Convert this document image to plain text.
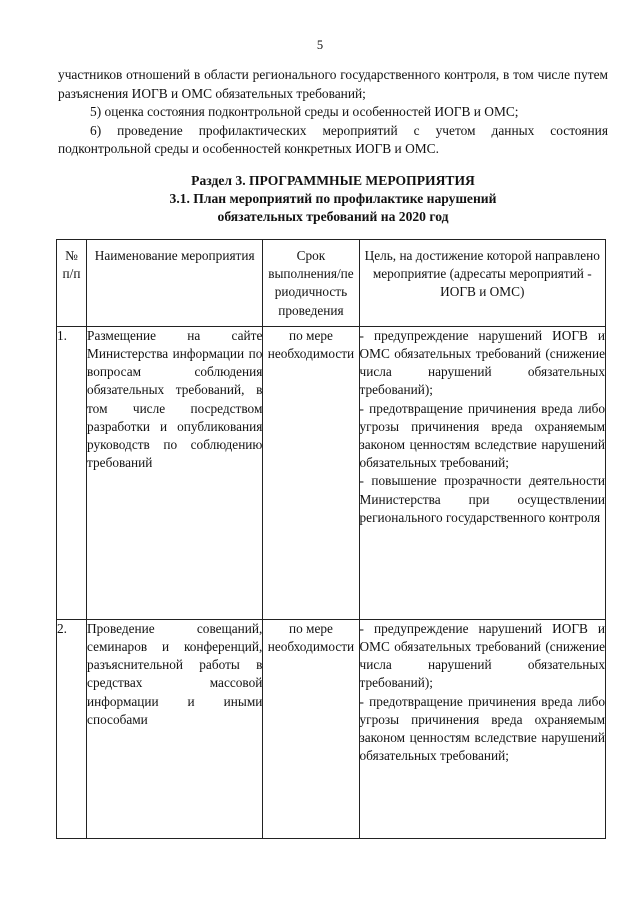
5

участников отношений в области регионального государственного контроля, в том числе путем разъяснения ИОГВ и ОМС обязательных требований;

5) оценка состояния подконтрольной среды и особенностей ИОГВ и ОМС;

6) проведение профилактических мероприятий с учетом данных состояния подконтрольной среды и особенностей конкретных ИОГВ и ОМС.

Раздел 3. ПРОГРАММНЫЕ МЕРОПРИЯТИЯ
3.1. План мероприятий по профилактике нарушений
обязательных требований на 2020 год
№ п/п	Наименование мероприятия	Срок выполнения/пе риодичность проведения	Цель, на достижение которой направлено мероприятие (адресаты мероприятий - ИОГВ и ОМС)
1.	Размещение на сайте Министерства информации по вопросам соблюдения обязательных требований, в том числе посредством разработки и опубликования руководств по соблюдению требований	по мере необходимости	- предупреждение нарушений ИОГВ и ОМС обязательных требований (снижение числа нарушений обязательных требований);

- предотвращение причинения вреда либо угрозы причинения вреда охраняемым законом ценностям вследствие нарушений обязательных требований;

- повышение прозрачности деятельности Министерства при осуществлении регионального государственного контроля

2.	Проведение совещаний, семинаров и конференций, разъяснительной работы в средствах массовой информации и иными способами	по мере необходимости	- предупреждение нарушений ИОГВ и ОМС обязательных требований (снижение числа нарушений обязательных требований);

- предотвращение причинения вреда либо угрозы причинения вреда охраняемым законом ценностям вследствие нарушений обязательных требований;
